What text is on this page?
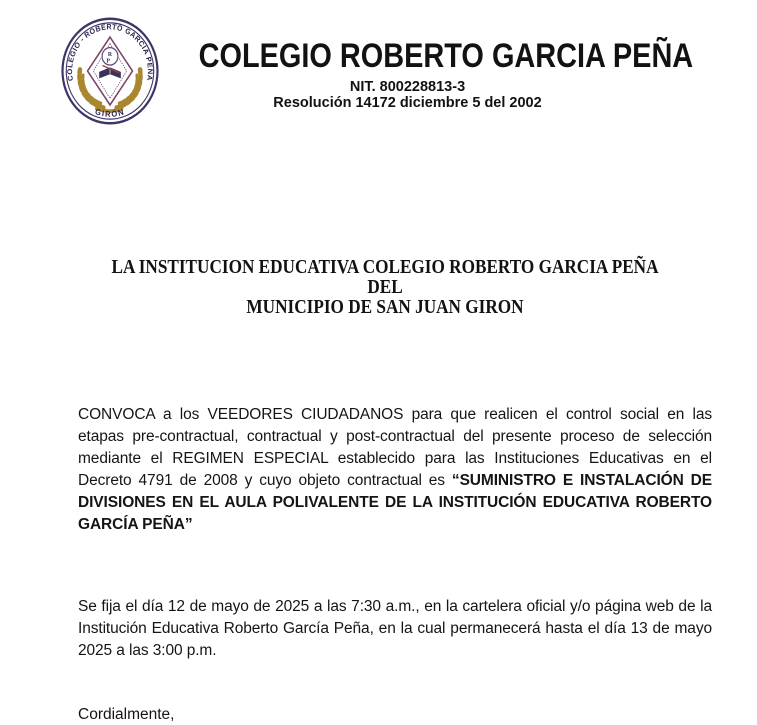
R
P
COLEGIO - ROBERTO GARCÍA PEÑA
GIRÓN
COLEGIO ROBERTO GARCIA PEÑA
NIT. 800228813-3
Resolución 14172 diciembre 5 del 2002
LA INSTITUCION EDUCATIVA COLEGIO ROBERTO GARCIA PEÑA DEL
MUNICIPIO DE SAN JUAN GIRON

CONVOCA a los VEEDORES CIUDADANOS para que realicen el control social en las etapas pre-contractual, contractual y post-contractual del presente proceso de selección mediante el REGIMEN ESPECIAL establecido para las Instituciones Educativas en el Decreto 4791 de 2008 y cuyo objeto contractual es “SUMINISTRO E INSTALACIÓN DE DIVISIONES EN EL AULA POLIVALENTE DE LA INSTITUCIÓN EDUCATIVA ROBERTO GARCÍA PEÑA”

Se fija el día 12 de mayo de 2025 a las 7:30 a.m., en la cartelera oficial y/o página web de la Institución Educativa Roberto García Peña, en la cual permanecerá hasta el día 13 de mayo 2025 a las 3:00 p.m.

Cordialmente,
